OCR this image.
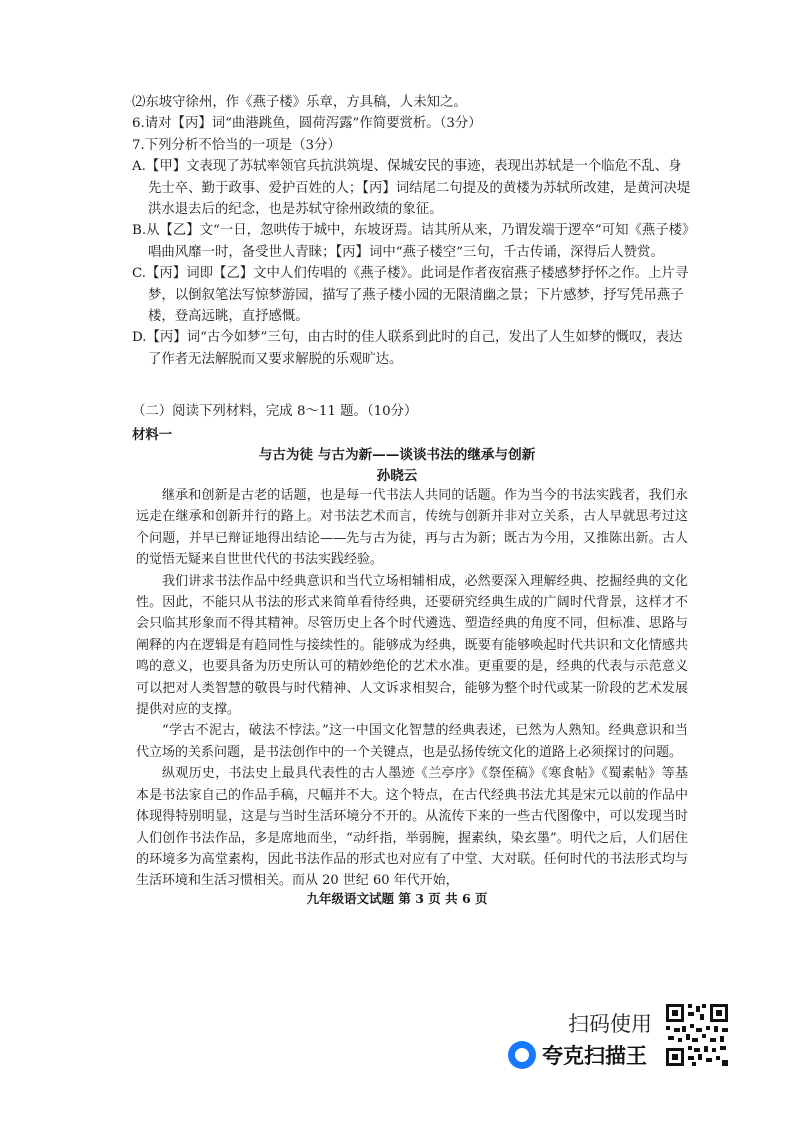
⑵东坡守徐州，作《燕子楼》乐章，方具稿，人未知之。

6.请对【丙】词“曲港跳鱼，圆荷泻露”作简要赏析。（3分）

7.下列分析不恰当的一项是（3分）

A.【甲】文表现了苏轼率领官兵抗洪筑堤、保城安民的事迹，表现出苏轼是一个临危不乱、身先士卒、勤于政事、爱护百姓的人；【丙】词结尾二句提及的黄楼为苏轼所改建，是黄河决堤洪水退去后的纪念，也是苏轼守徐州政绩的象征。

B.从【乙】文“一日，忽哄传于城中，东坡讶焉。诘其所从来，乃谓发端于逻卒”可知《燕子楼》唱曲风靡一时，备受世人青睐；【丙】词中“燕子楼空”三句，千古传诵，深得后人赞赏。

C.【丙】词即【乙】文中人们传唱的《燕子楼》。此词是作者夜宿燕子楼感梦抒怀之作。上片寻梦，以倒叙笔法写惊梦游园，描写了燕子楼小园的无限清幽之景；下片感梦，抒写凭吊燕子楼，登高远眺，直抒感慨。

D.【丙】词“古今如梦”三句，由古时的佳人联系到此时的自己，发出了人生如梦的慨叹，表达了作者无法解脱而又要求解脱的乐观旷达。

（二）阅读下列材料，完成 8～11 题。（10分）
材料一
与古为徒 与古为新——谈谈书法的继承与创新
孙晓云

继承和创新是古老的话题，也是每一代书法人共同的话题。作为当今的书法实践者，我们永远走在继承和创新并行的路上。对书法艺术而言，传统与创新并非对立关系，古人早就思考过这个问题，并早已辩证地得出结论——先与古为徒，再与古为新；既古为今用，又推陈出新。古人的觉悟无疑来自世世代代的书法实践经验。

我们讲求书法作品中经典意识和当代立场相辅相成，必然要深入理解经典、挖掘经典的文化性。因此，不能只从书法的形式来简单看待经典，还要研究经典生成的广阔时代背景，这样才不会只临其形象而不得其精神。尽管历史上各个时代遴选、塑造经典的角度不同，但标准、思路与阐释的内在逻辑是有趋同性与接续性的。能够成为经典，既要有能够唤起时代共识和文化情感共鸣的意义，也要具备为历史所认可的精妙绝伦的艺术水准。更重要的是，经典的代表与示范意义可以把对人类智慧的敬畏与时代精神、人文诉求相契合，能够为整个时代或某一阶段的艺术发展提供对应的支撑。

“学古不泥古，破法不悖法。”这一中国文化智慧的经典表述，已然为人熟知。经典意识和当代立场的关系问题，是书法创作中的一个关键点，也是弘扬传统文化的道路上必须探讨的问题。

纵观历史，书法史上最具代表性的古人墨迹《兰亭序》《祭侄稿》《寒食帖》《蜀素帖》等基本是书法家自己的作品手稿，尺幅并不大。这个特点，在古代经典书法尤其是宋元以前的作品中体现得特别明显，这是与当时生活环境分不开的。从流传下来的一些古代图像中，可以发现当时人们创作书法作品，多是席地而坐，“动纤指，举弱腕，握素纨，染玄墨”。明代之后，人们居住的环境多为高堂素构，因此书法作品的形式也对应有了中堂、大对联。任何时代的书法形式均与生活环境和生活习惯相关。而从 20 世纪 60 年代开始，

九年级语文试题 第 3 页 共 6 页
扫码使用
夸克扫描王
